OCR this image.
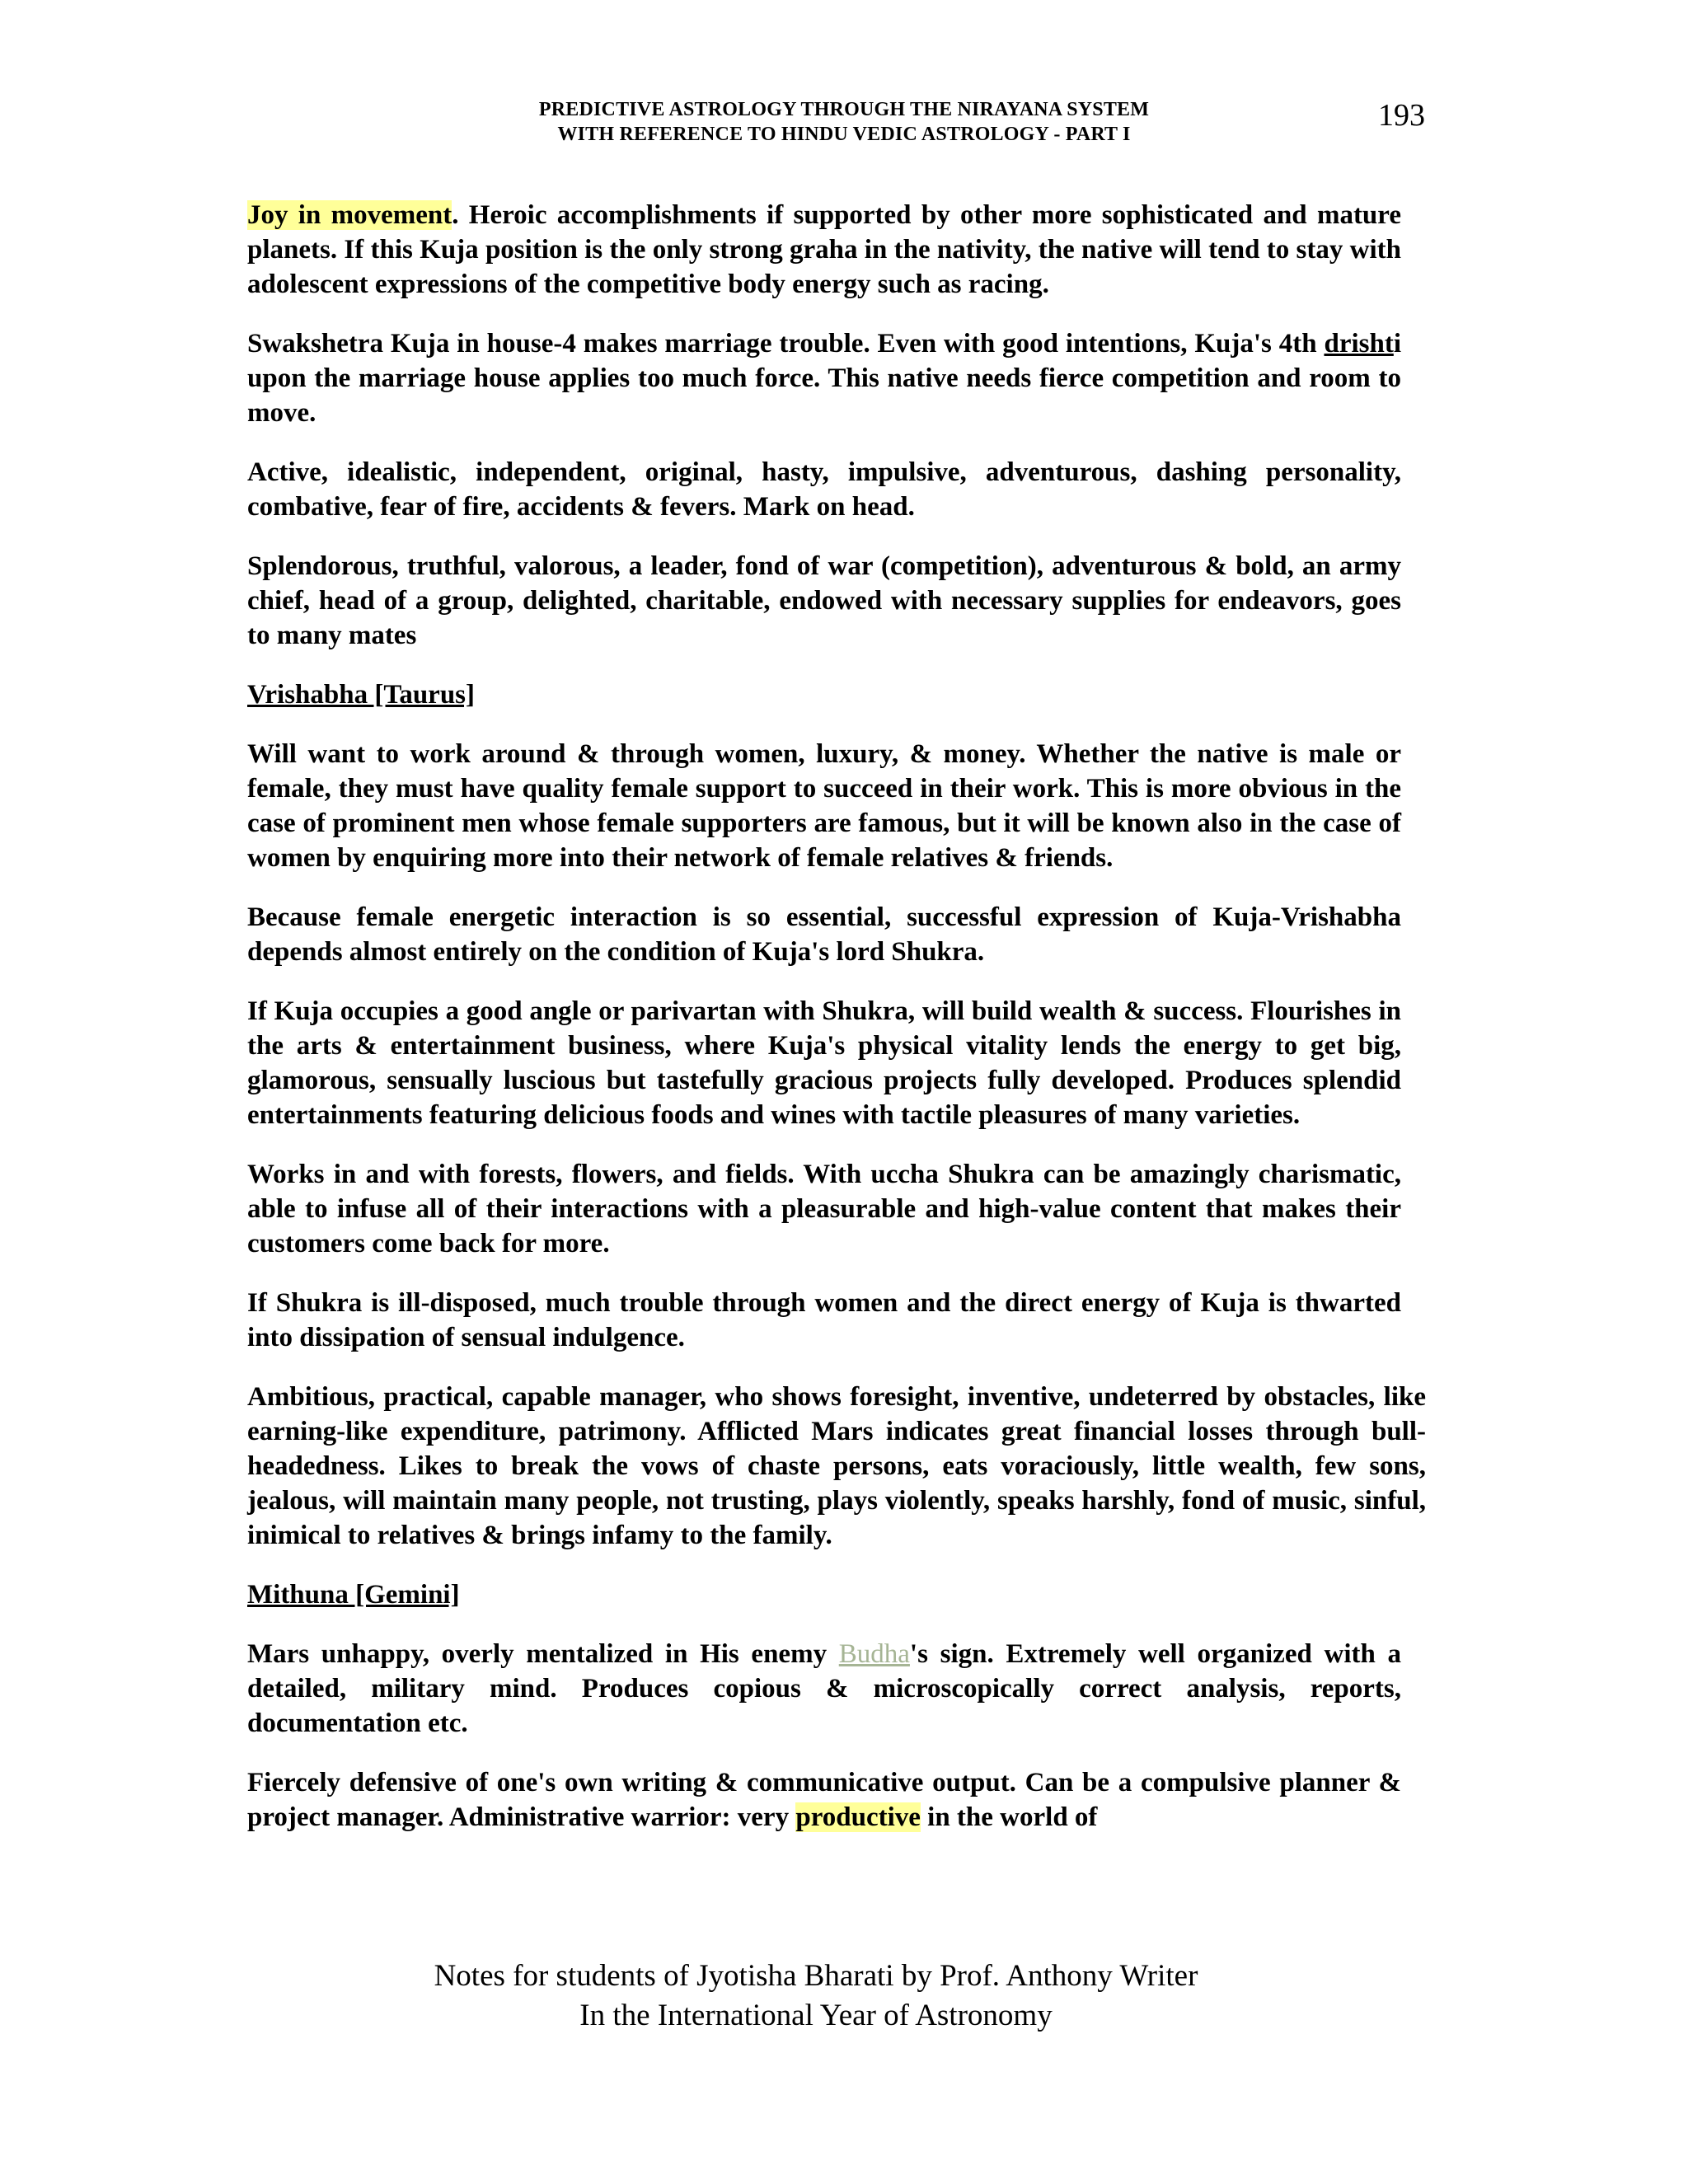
PREDICTIVE ASTROLOGY THROUGH THE NIRAYANA SYSTEM
WITH REFERENCE TO HINDU VEDIC ASTROLOGY - PART I
193

Joy in movement. Heroic accomplishments if supported by other more sophisticated and mature planets. If this Kuja position is the only strong graha in the nativity, the native will tend to stay with adolescent expressions of the competitive body energy such as racing.

Swakshetra Kuja in house-4 makes marriage trouble. Even with good intentions, Kuja's 4th drishti upon the marriage house applies too much force. This native needs fierce competition and room to move.

Active, idealistic, independent, original, hasty, impulsive, adventurous, dashing personality, combative, fear of fire, accidents & fevers. Mark on head.

Splendorous, truthful, valorous, a leader, fond of war (competition), adventurous & bold, an army chief, head of a group, delighted, charitable, endowed with necessary supplies for endeavors, goes to many mates

Vrishabha [Taurus]

Will want to work around & through women, luxury, & money. Whether the native is male or female, they must have quality female support to succeed in their work. This is more obvious in the case of prominent men whose female supporters are famous, but it will be known also in the case of women by enquiring more into their network of female relatives & friends.

Because female energetic interaction is so essential, successful expression of Kuja-Vrishabha depends almost entirely on the condition of Kuja's lord Shukra.

If Kuja occupies a good angle or parivartan with Shukra, will build wealth & success. Flourishes in the arts & entertainment business, where Kuja's physical vitality lends the energy to get big, glamorous, sensually luscious but tastefully gracious projects fully developed. Produces splendid entertainments featuring delicious foods and wines with tactile pleasures of many varieties.

Works in and with forests, flowers, and fields. With uccha Shukra can be amazingly charismatic, able to infuse all of their interactions with a pleasurable and high-value content that makes their customers come back for more.

If Shukra is ill-disposed, much trouble through women and the direct energy of Kuja is thwarted into dissipation of sensual indulgence.

Ambitious, practical, capable manager, who shows foresight, inventive, undeterred by obstacles, like earning-like expenditure, patrimony. Afflicted Mars indicates great financial losses through bull-headedness. Likes to break the vows of chaste persons, eats voraciously, little wealth, few sons, jealous, will maintain many people, not trusting, plays violently, speaks harshly, fond of music, sinful, inimical to relatives & brings infamy to the family.

Mithuna [Gemini]

Mars unhappy, overly mentalized in His enemy Budha's sign. Extremely well organized with a detailed, military mind. Produces copious & microscopically correct analysis, reports, documentation etc.

Fiercely defensive of one's own writing & communicative output. Can be a compulsive planner & project manager. Administrative warrior: very productive in the world of

Notes for students of Jyotisha Bharati by Prof. Anthony Writer
In the International Year of Astronomy
